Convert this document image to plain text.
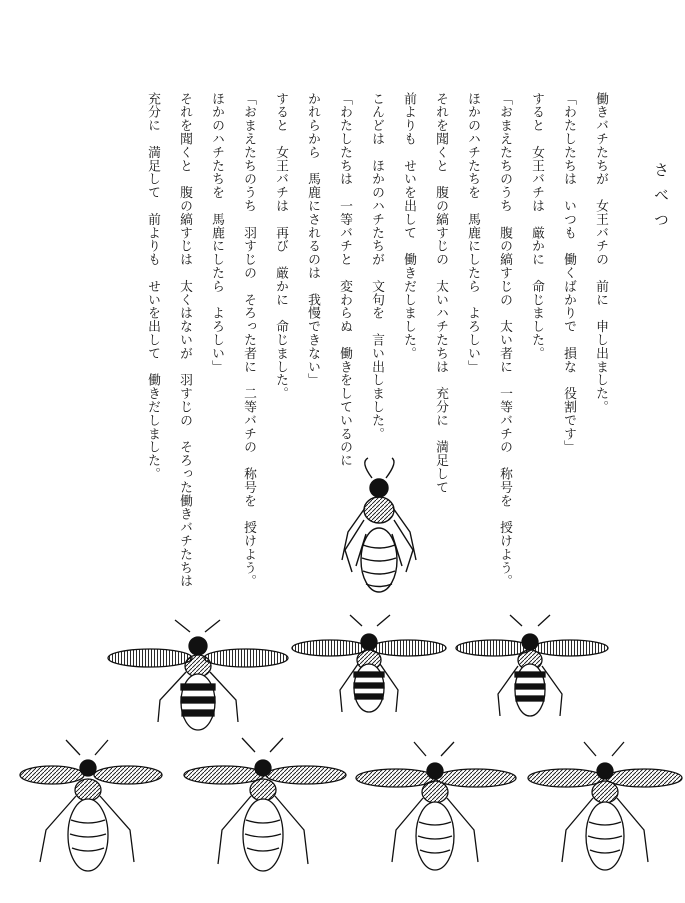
さべつ
働きバチたちが　女王バチの　前に　申し出ました。
「わたしたちは　いつも　働くばかりで　損な　役割です」
すると　女王バチは　厳かに　命じました。
「おまえたちのうち　腹の縞すじの　太い者に　一等バチの　称号を　授けよう。
ほかのハチたちを　馬鹿にしたら　よろしい」
それを聞くと　腹の縞すじの　太いハチたちは　充分に　満足して　
前よりも　せいを出して　働きだしました。
こんどは　ほかのハチたちが　文句を　言い出しました。
「わたしたちは　一等バチと　変わらぬ　働きをしているのに
かれらから　馬鹿にされるのは　我慢できない」
すると　女王バチは　再び　厳かに　命じました。
「おまえたちのうち　羽すじの　そろった者に　二等バチの　称号を　授けよう。
ほかのハチたちを　馬鹿にしたら　よろしい」
それを聞くと　腹の縞すじは　太くはないが　羽すじの　そろった働きバチたちは
充分に　満足して　前よりも　せいを出して　働きだしました。
